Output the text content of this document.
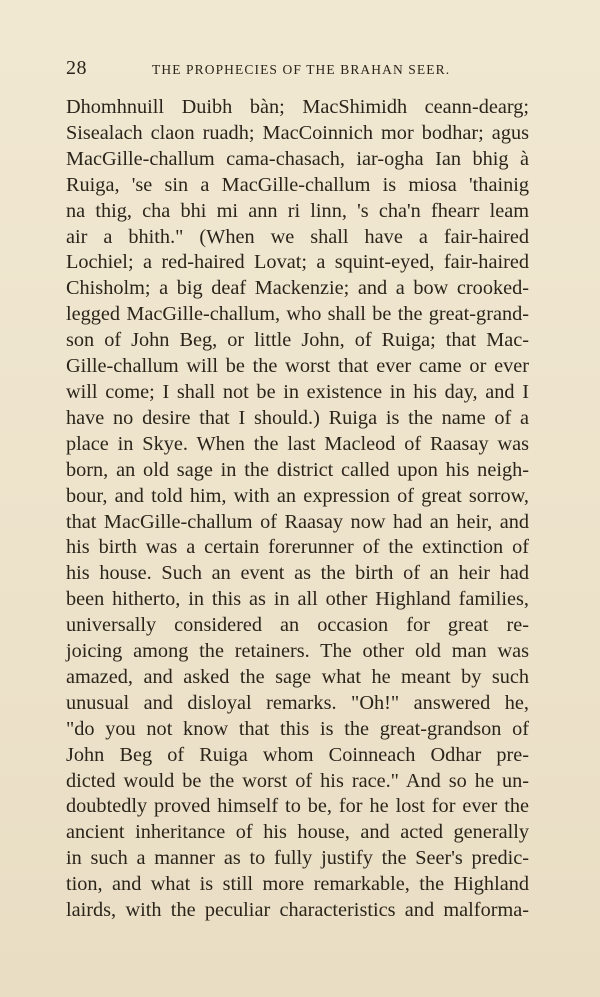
28	THE PROPHECIES OF THE BRAHAN SEER.
Dhomhnuill Duibh bàn; MacShimidh ceann-dearg;
Sisealach claon ruadh; MacCoinnich mor bodhar; agus
MacGille-challum cama-chasach, iar-ogha Ian bhig à
Ruiga, 'se sin a MacGille-challum is miosa 'thainig
na thig, cha bhi mi ann ri linn, 's cha'n fhearr leam
air a bhith." (When we shall have a fair-haired
Lochiel; a red-haired Lovat; a squint-eyed, fair-haired
Chisholm; a big deaf Mackenzie; and a bow crooked-
legged MacGille-challum, who shall be the great-grand-
son of John Beg, or little John, of Ruiga; that Mac-
Gille-challum will be the worst that ever came or ever
will come; I shall not be in existence in his day, and I
have no desire that I should.) Ruiga is the name of a
place in Skye. When the last Macleod of Raasay was
born, an old sage in the district called upon his neigh-
bour, and told him, with an expression of great sorrow,
that MacGille-challum of Raasay now had an heir, and
his birth was a certain forerunner of the extinction of
his house. Such an event as the birth of an heir had
been hitherto, in this as in all other Highland families,
universally considered an occasion for great re-
joicing among the retainers. The other old man was
amazed, and asked the sage what he meant by such
unusual and disloyal remarks. "Oh!" answered he,
"do you not know that this is the great-grandson of
John Beg of Ruiga whom Coinneach Odhar pre-
dicted would be the worst of his race." And so he un-
doubtedly proved himself to be, for he lost for ever the
ancient inheritance of his house, and acted generally
in such a manner as to fully justify the Seer's predic-
tion, and what is still more remarkable, the Highland
lairds, with the peculiar characteristics and malforma-
